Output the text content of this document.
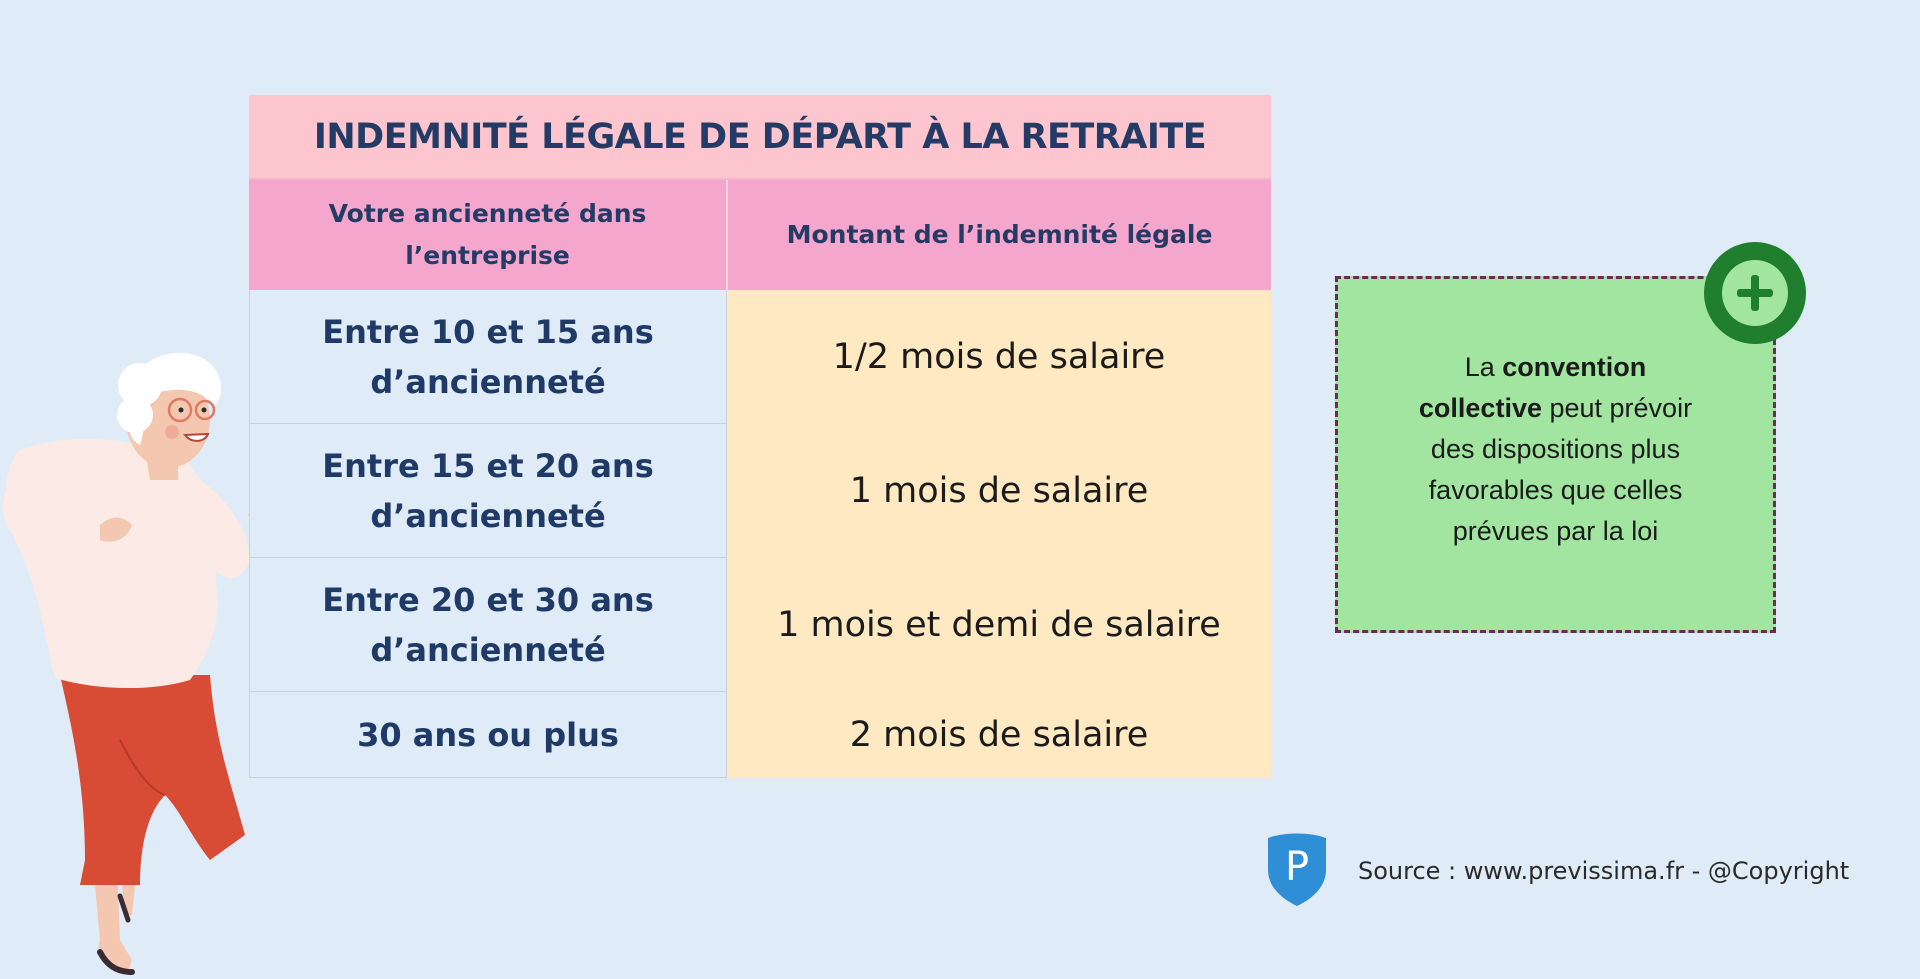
INDEMNITÉ LÉGALE DE DÉPART À LA RETRAITE
Votre ancienneté dans
l’entreprise
Montant de l’indemnité légale
Entre 10 et 15 ans
d’ancienneté
1/2 mois de salaire
Entre 15 et 20 ans
d’ancienneté
1 mois de salaire
Entre 20 et 30 ans
d’ancienneté
1 mois et demi de salaire
30 ans ou plus	2 mois de salaire
La convention collective peut prévoir des dispositions plus favorables que celles prévues par la loi
P Source : www.previssima.fr - @Copyright
